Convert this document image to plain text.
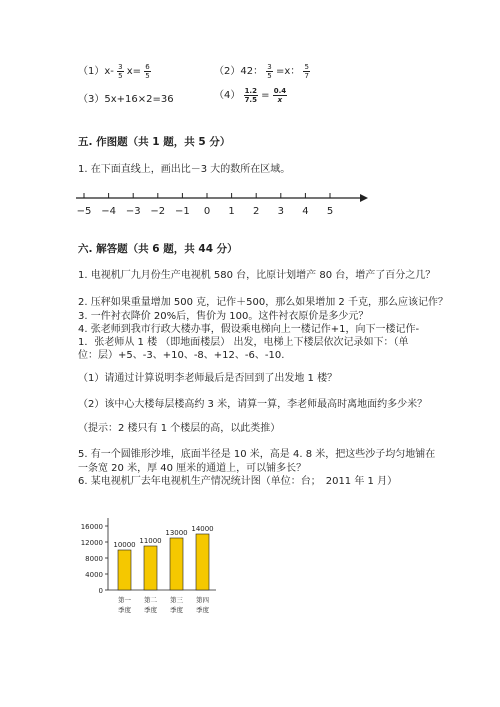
$(1)x- \frac{3}{5} x= \frac{6}{5}$	（2）42： $\frac{3}{5} =x$： $\frac{5}{7}$
（3）5x+16×2=36	$(4) \frac{1.2}{7.5} = \frac{0.4}{x}$
五. 作图题（共 1 题，共 5 分）
1. 在下面直线上，画出比－3 大的数所在区域。
−5 −4 −3 −2 −1 0 1 2 3 4 5
六. 解答题（共 6 题，共 44 分）
1. 电视机厂九月份生产电视机 580 台，比原计划增产 80 台，增产了百分之几？
2. 压秤如果重量增加 500 克，记作＋500，那么如果增加 2 千克，那么应该记作？
3. 一件衬衣降价 20%后，售价为 100。这件衬衣原价是多少元？
4. 张老师到我市行政大楼办事，假设乘电梯向上一楼记作+1，向下一楼记作-
1．张老师从 1 楼 （即地面楼层） 出发，电梯上下楼层依次记录如下：（单
位：层）+5、-3、+10、-8、+12、-6、-10.
（1）请通过计算说明李老师最后是否回到了出发地 1 楼？
（2）该中心大楼每层楼高约 3 米，请算一算，李老师最高时离地面约多少米？
（提示：2 楼只有 1 个楼层的高，以此类推）
5. 有一个圆锥形沙堆，底面半径是 10 米，高是 4. 8 米，把这些沙子均匀地铺在
一条宽 20 米，厚 40 厘米的通道上，可以铺多长？
6. 某电视机厂去年电视机生产情况统计图（单位：台；　2011 年 1 月）
16000
12000
8000
4000
0
10000
第一
季度
11000
第二
季度
13000
第三
季度
14000
第四
季度
